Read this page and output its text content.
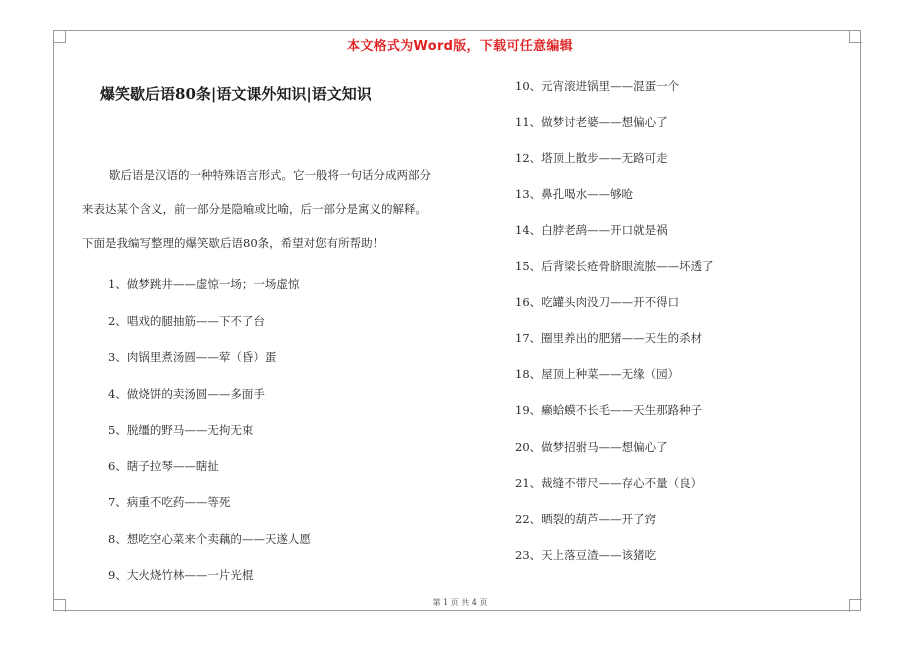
本文格式为Word版，下载可任意编辑
爆笑歇后语80条|语文课外知识|语文知识

歇后语是汉语的一种特殊语言形式。它一般将一句话分成两部分

来表达某个含义，前一部分是隐喻或比喻，后一部分是寓义的解释。

下面是我编写整理的爆笑歇后语80条，希望对您有所帮助！

1、做梦跳井——虚惊一场；一场虚惊
2、唱戏的腿抽筋——下不了台
3、肉锅里煮汤圆——荤（昏）蛋
4、做烧饼的卖汤圆——多面手
5、脱缰的野马——无拘无束
6、瞎子拉琴——瞎扯
7、病重不吃药——等死
8、想吃空心菜来个卖藕的——天遂人愿
9、大火烧竹林——一片光棍
10、元宵滚进锅里——混蛋一个
11、做梦讨老婆——想偏心了
12、塔顶上散步——无路可走
13、鼻孔喝水——够呛
14、白脖老鸹——开口就是祸
15、后背梁长疮骨脐眼流脓——坏透了
16、吃罐头肉没刀——开不得口
17、圈里养出的肥猪——天生的杀材
18、屋顶上种菜——无缘（园）
19、癞蛤蟆不长毛——天生那路种子
20、做梦招驸马——想偏心了
21、裁缝不带尺——存心不量（良）
22、晒裂的葫芦——开了窍
23、天上落豆渣——该猪吃
第 1 页 共 4 页
